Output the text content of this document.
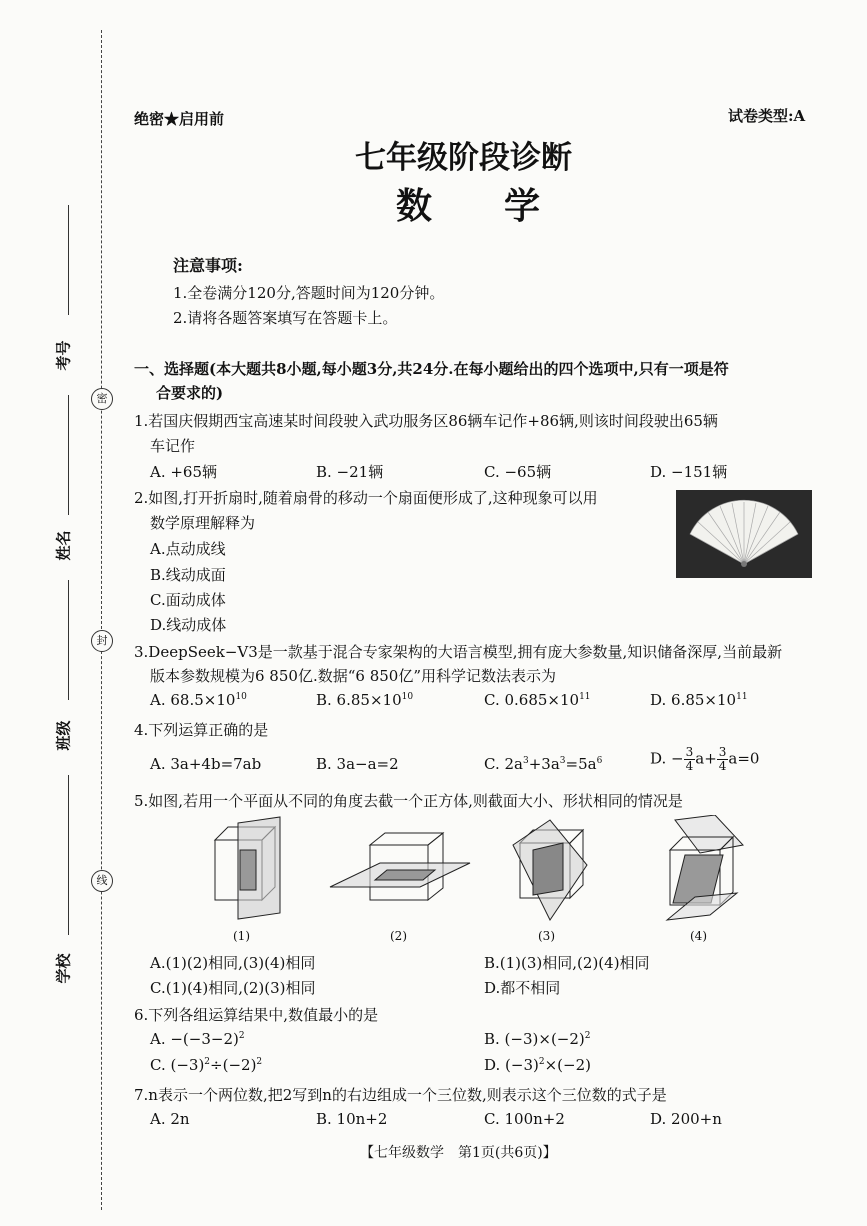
密
封
线
考号
姓名
班级
学校
绝密★启用前	试卷类型:A
七年级阶段诊断
数　　学
注意事项:
1.全卷满分120分,答题时间为120分钟。
2.请将各题答案填写在答题卡上。
一、选择题(本大题共8小题,每小题3分,共24分.在每小题给出的四个选项中,只有一项是符
合要求的)
1.若国庆假期西宝高速某时间段驶入武功服务区86辆车记作+86辆,则该时间段驶出65辆
车记作
A. +65辆	B. −21辆	C. −65辆	D. −151辆
2.如图,打开折扇时,随着扇骨的移动一个扇面便形成了,这种现象可以用
数学原理解释为
A.点动成线
B.线动成面
C.面动成体
D.线动成体
3.DeepSeek−V3是一款基于混合专家架构的大语言模型,拥有庞大参数量,知识储备深厚,当前最新
版本参数规模为6 850亿.数据“6 850亿”用科学记数法表示为
A. $68.5\times 10^{10}$	B. $6.85\times 10^{10}$	C. $0.685\times 10^{11}$	D. $6.85\times 10^{11}$
4.下列运算正确的是
A. 3a+4b=7ab	B. 3a−a=2	C. $2a^3+3a^3=5a^6$	D. − $\frac{3}{4} a+ \frac{3}{4} a=0$
5.如图,若用一个平面从不同的角度去截一个正方体,则截面大小、形状相同的情况是
(1)	(2)	(3)	(4)
A.(1)(2)相同,(3)(4)相同	B.(1)(3)相同,(2)(4)相同
C.(1)(4)相同,(2)(3)相同	D.都不相同
6.下列各组运算结果中,数值最小的是
A. $-(-3-2)^2$	B. $(-3)\times(-2)^2$
C. $(-3)^2\div(-2)^2$	D. $(-3)^2\times(-2)$
7.n表示一个两位数,把2写到n的右边组成一个三位数,则表示这个三位数的式子是
A. 2n	B. 10n+2	C. 100n+2	D. 200+n
【七年级数学　第1页(共6页)】
